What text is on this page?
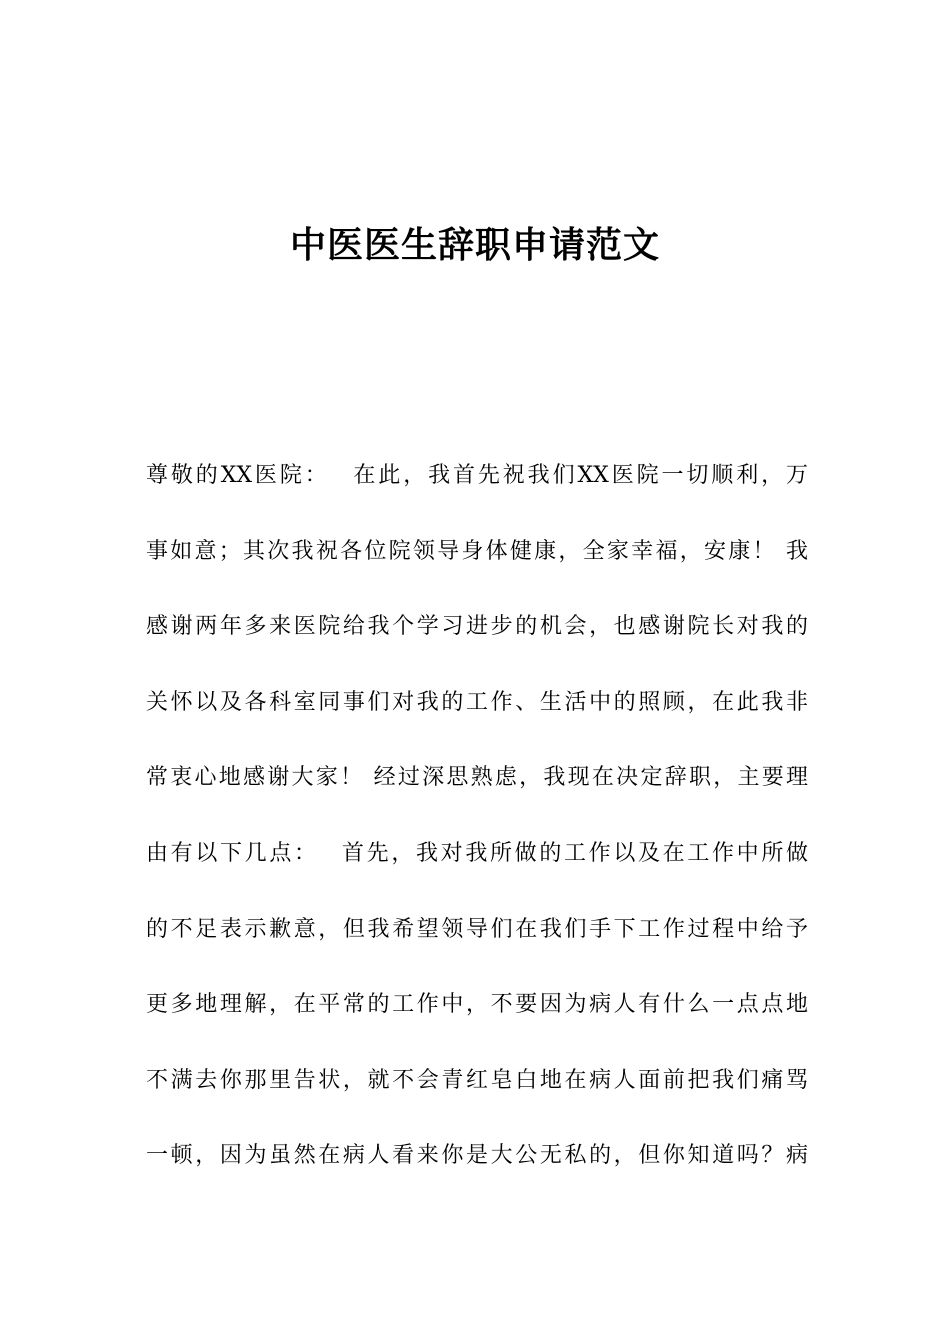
中医医生辞职申请范文
尊敬的XX医院：　 在此，我首先祝我们XX医院一切顺利，万
事如意；其次我祝各位院领导身体健康，全家幸福，安康！ 我
感谢两年多来医院给我个学习进步的机会，也感谢院长对我的
关怀以及各科室同事们对我的工作、生活中的照顾，在此我非
常衷心地感谢大家！ 经过深思熟虑，我现在决定辞职，主要理
由有以下几点：　 首先，我对我所做的工作以及在工作中所做
的不足表示歉意，但我希望领导们在我们手下工作过程中给予
更多地理解，在平常的工作中，不要因为病人有什么一点点地
不满去你那里告状，就不会青红皂白地在病人面前把我们痛骂
一顿，因为虽然在病人看来你是大公无私的，但你知道吗？病
